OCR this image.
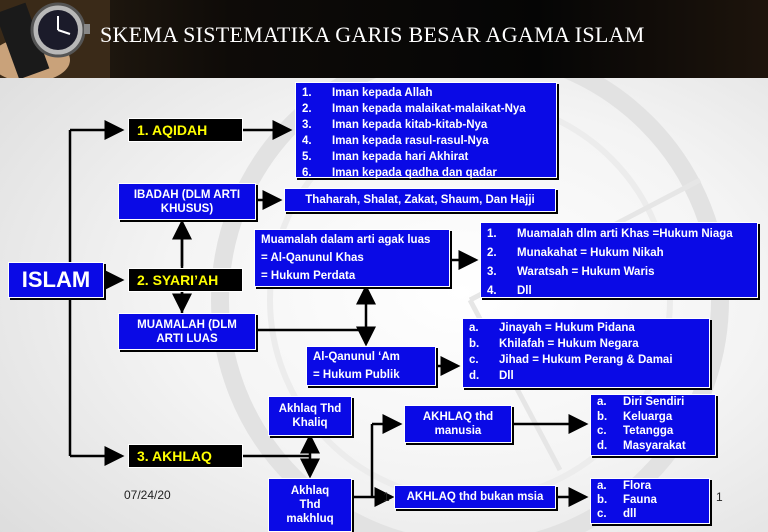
SKEMA SISTEMATIKA GARIS BESAR AGAMA ISLAM
ISLAM
1. AQIDAH
2. SYARI’AH
3. AKHLAQ
1.	Iman kepada Allah
2.	Iman kepada malaikat-malaikat-Nya
3.	Iman kepada kitab-kitab-Nya
4.	Iman kepada rasul-rasul-Nya
5.	Iman kepada hari Akhirat
6.	Iman kepada qadha dan qadar
IBADAH (DLM ARTI KHUSUS)
Thaharah, Shalat, Zakat, Shaum, Dan Hajji
MUAMALAH (DLM ARTI LUAS
Muamalah dalam arti agak luas
= Al-Qanunul Khas
= Hukum Perdata
1.	Muamalah dlm arti Khas =Hukum Niaga
2.	Munakahat = Hukum Nikah
3.	Waratsah = Hukum Waris
4.	Dll
Al-Qanunul ‘Am
= Hukum Publik
a.	Jinayah = Hukum Pidana
b.	Khilafah = Hukum Negara
c.	Jihad = Hukum Perang & Damai
d.	Dll
Akhlaq Thd Khaliq
Akhlaq Thd makhluq
AKHLAQ thd manusia
a.	Diri Sendiri
b.	Keluarga
c.	Tetangga
d.	Masyarakat
AKHLAQ thd bukan msia
a.	Flora
b.	Fauna
c.	dll
07/24/20	1	1
